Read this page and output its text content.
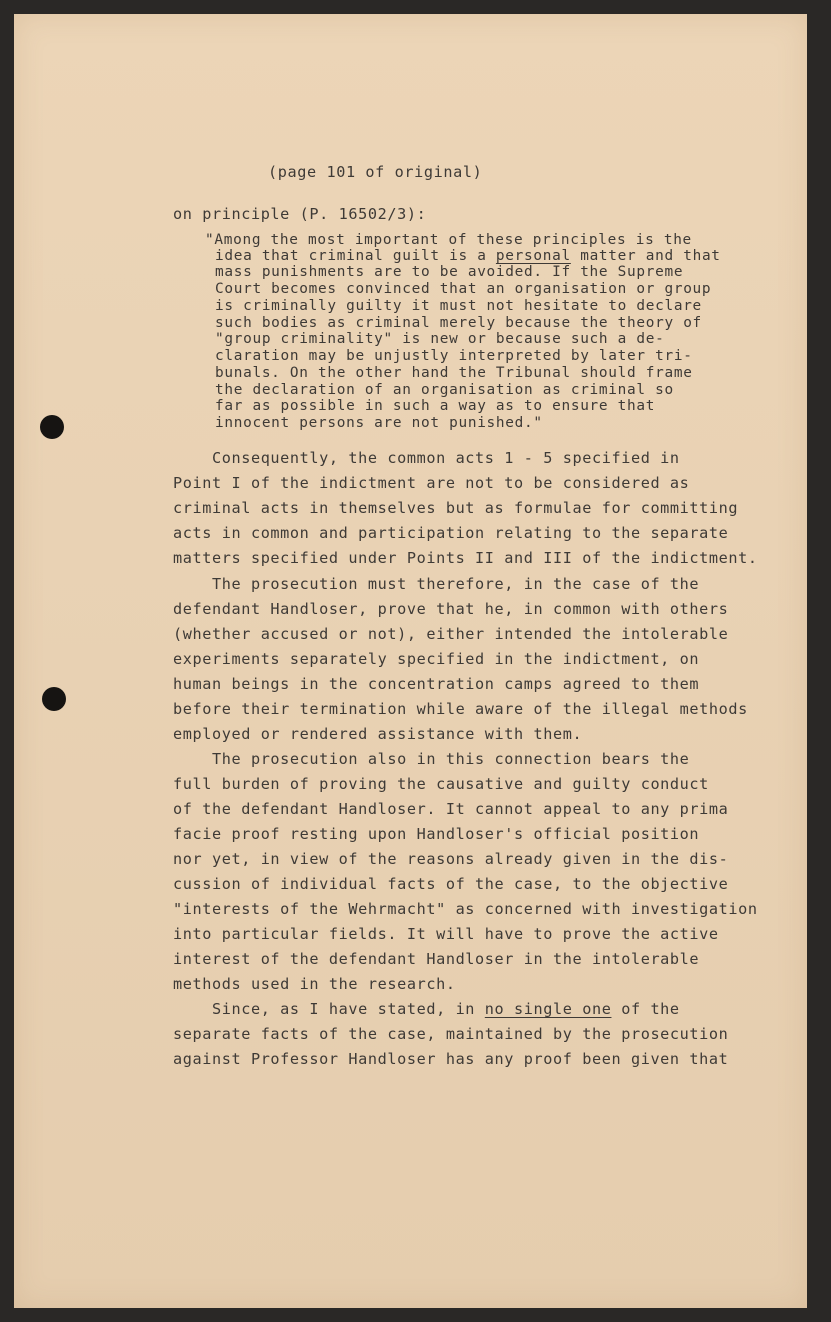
(page 101 of original)
on principle (P. 16502/3):
"Among the most important of these principles is the
idea that criminal guilt is a personal matter and that
mass punishments are to be avoided. If the Supreme
Court becomes convinced that an organisation or group
is criminally guilty it must not hesitate to declare
such bodies as criminal merely because the theory of
"group criminality" is new or because such a de-
claration may be unjustly interpreted by later tri-
bunals. On the other hand the Tribunal should frame
the declaration of an organisation as criminal so
far as possible in such a way as to ensure that
innocent persons are not punished."
Consequently, the common acts 1 - 5 specified in
Point I of the indictment are not to be considered as
criminal acts in themselves but as formulae for committing
acts in common and participation relating to the separate
matters specified under Points II and III of the indictment.
The prosecution must therefore, in the case of the
defendant Handloser, prove that he, in common with others
(whether accused or not), either intended the intolerable
experiments separately specified in the indictment, on
human beings in the concentration camps agreed to them
before their termination while aware of the illegal methods
employed or rendered assistance with them.
The prosecution also in this connection bears the
full burden of proving the causative and guilty conduct
of the defendant Handloser. It cannot appeal to any prima
facie proof resting upon Handloser's official position
nor yet, in view of the reasons already given in the dis-
cussion of individual facts of the case, to the objective
"interests of the Wehrmacht" as concerned with investigation
into particular fields. It will have to prove the active
interest of the defendant Handloser in the intolerable
methods used in the research.
Since, as I have stated, in no single one of the
separate facts of the case, maintained by the prosecution
against Professor Handloser has any proof been given that
